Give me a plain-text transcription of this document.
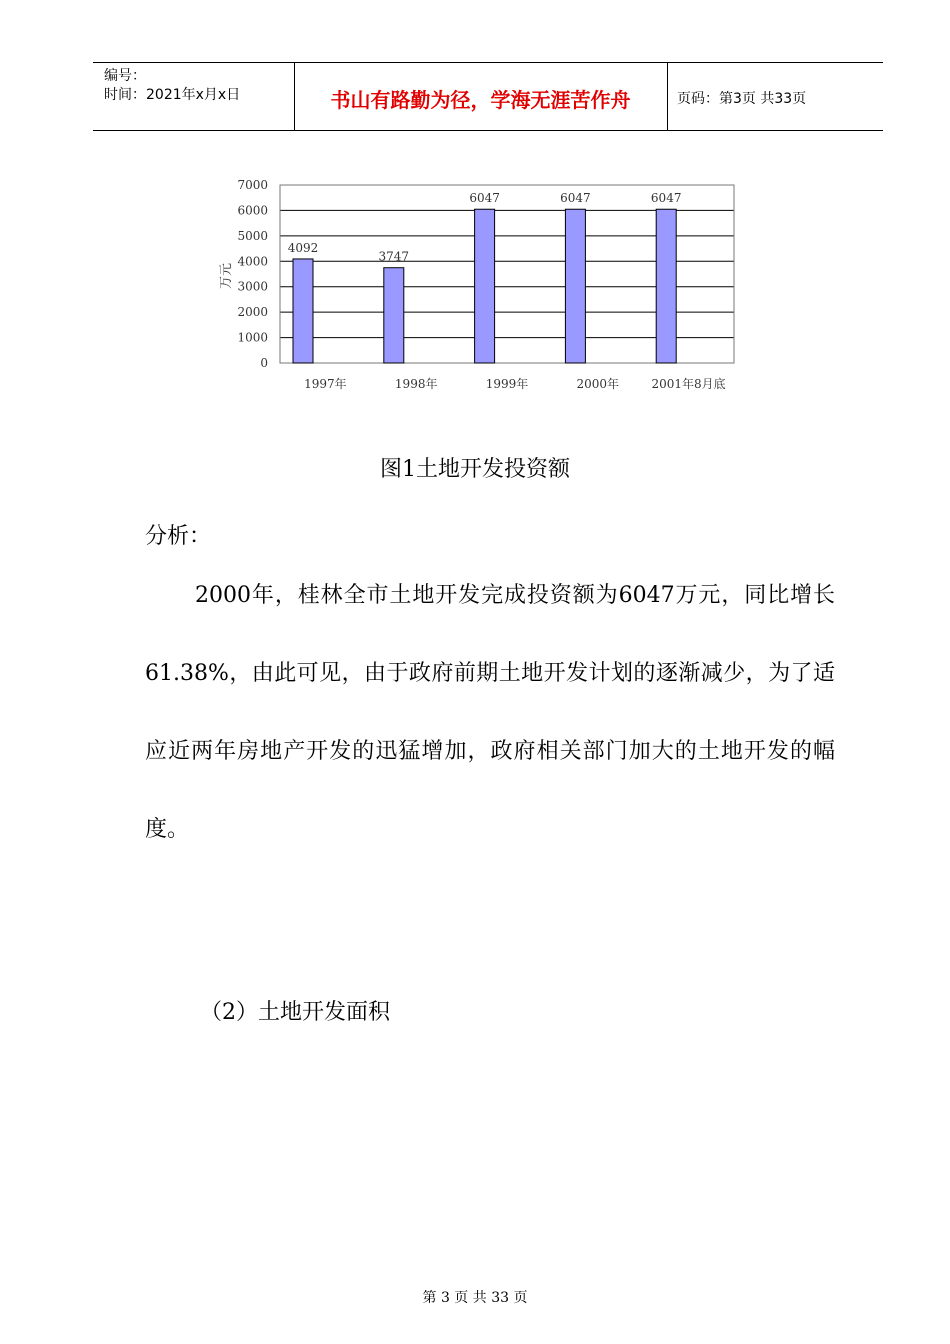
编号：
时间：2021年x月x日	书山有路勤为径，学海无涯苦作舟	页码：第3页 共33页
0
1000
2000
3000
4000
5000
6000
7000
4092
3747
6047	6047	6047
1997年	1998年	1999年	2000年	2001年8月底
万元
图1土地开发投资额
分析：
2000年，桂林全市土地开发完成投资额为6047万元，同比增长61.38%，由此可见，由于政府前期土地开发计划的逐渐减少，为了适应近两年房地产开发的迅猛增加，政府相关部门加大的土地开发的幅度。
（2）土地开发面积
第 3 页 共 33 页
